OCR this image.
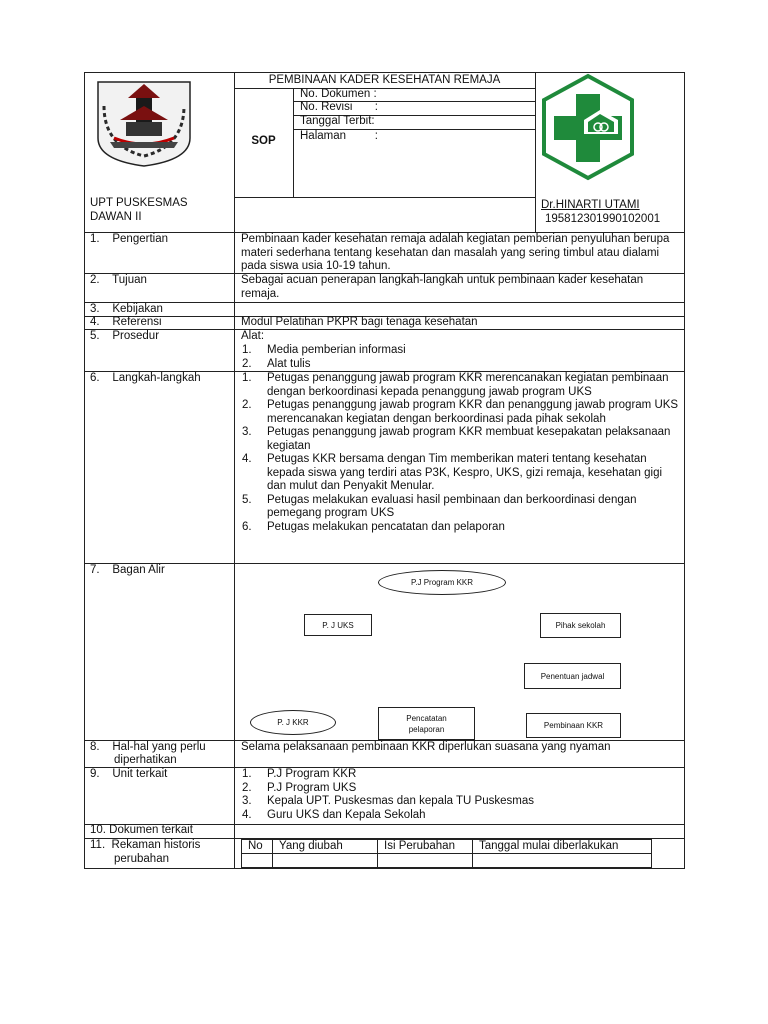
PEMBINAAN KADER KESEHATAN REMAJA
SOP
No. Dokumen :
No. Revisi       :
Tanggal Terbit:
Halaman         :
UPT PUSKESMAS
DAWAN II
Dr.HINARTI UTAMI
195812301990102001
1.    Pengertian	Pembinaan kader kesehatan remaja adalah kegiatan pemberian penyuluhan berupa materi sederhana tentang kesehatan dan masalah yang sering timbul atau dialami pada siswa usia 10-19 tahun.
2.    Tujuan	Sebagai acuan penerapan langkah-langkah untuk pembinaan kader kesehatan remaja.
3.    Kebijakan
4.    Referensi	Modul Pelatihan PKPR bagi tenaga kesehatan
5.    Prosedur	Alat:
1. Media pemberian informasi
2. Alat tulis
6.    Langkah-langkah	1. Petugas penanggung jawab program KKR merencanakan kegiatan pembinaan dengan berkoordinasi kepada penanggung jawab program UKS
2. Petugas penanggung jawab program KKR dan penanggung jawab program UKS merencanakan kegiatan dengan berkoordinasi pada pihak sekolah
3. Petugas penanggung jawab program KKR membuat kesepakatan pelaksanaan kegiatan
4. Petugas KKR bersama dengan Tim memberikan materi tentang kesehatan kepada siswa yang terdiri atas P3K, Kespro, UKS, gizi remaja, kesehatan gigi dan mulut dan Penyakit Menular.
5. Petugas melakukan evaluasi hasil pembinaan dan berkoordinasi dengan pemegang program UKS
6. Petugas melakukan pencatatan dan pelaporan
7.    Bagan Alir
P.J Program KKR
P. J UKS	Pihak sekolah
Penentuan jadwal
P. J KKR	Pencatatan
pelaporan	Pembinaan KKR
8.    Hal-hal yang perlu
diperhatikan
Selama pelaksanaan pembinaan KKR diperlukan suasana yang nyaman
9.    Unit terkait	1. P.J Program KKR
2. P.J Program UKS
3. Kepala UPT. Puskesmas dan kepala TU Puskesmas
4. Guru UKS dan Kepala Sekolah
10. Dokumen terkait
11.  Rekaman historis
perubahan
No	Yang diubah	Isi Perubahan	Tanggal mulai diberlakukan
